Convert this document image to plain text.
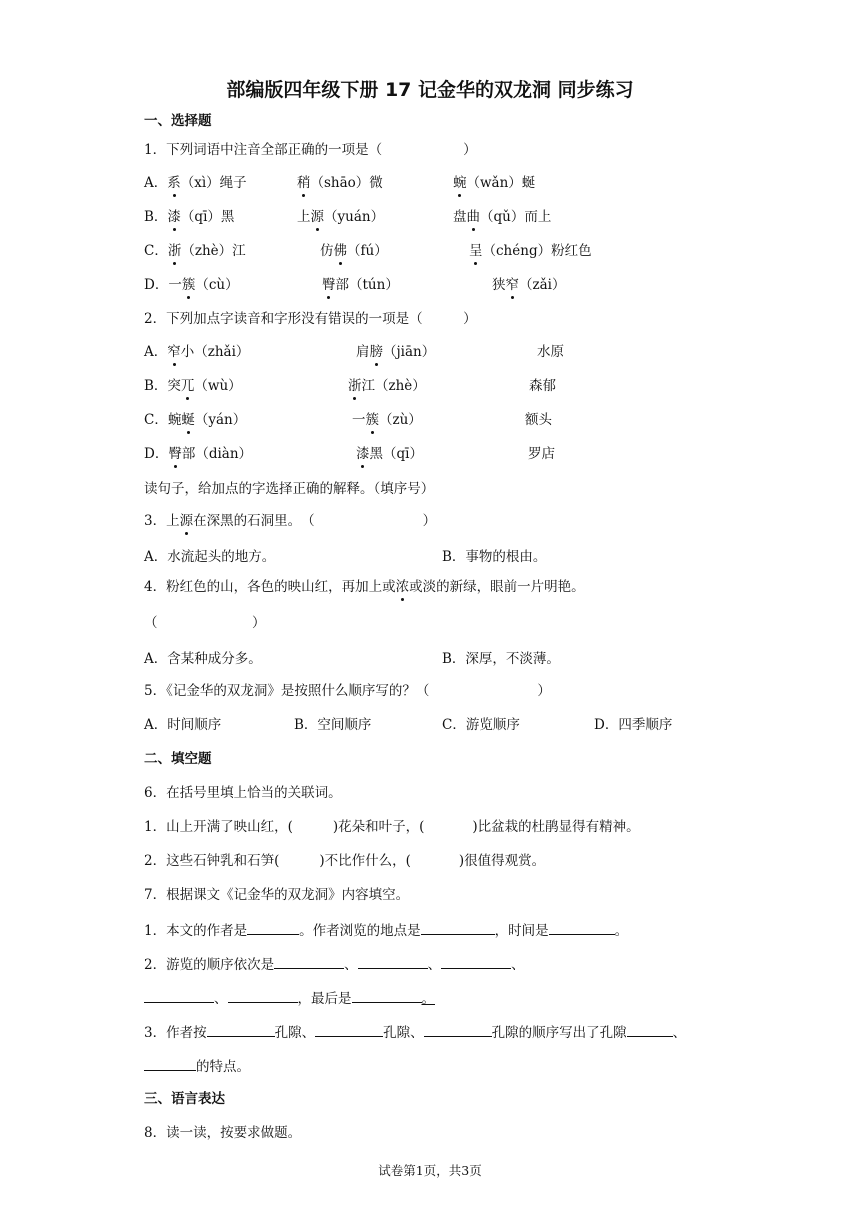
部编版四年级下册 17 记金华的双龙洞 同步练习
一、选择题
1．下列词语中注音全部正确的一项是（　　　　　　）
A．系（xì）绳子	稍（shāo）微	蜿（wǎn）蜒
B．漆（qī）黑	上源（yuán）	盘曲（qǔ）而上
C．浙（zhè）江	仿佛（fú）	呈（chéng）粉红色
D．一簇（cù）	臀部（tún）	狭窄（zǎi）
2．下列加点字读音和字形没有错误的一项是（　　　）
A．窄小（zhǎi）	肩膀（jiān）	水原
B．突兀（wù）	浙江（zhè）	森郁
C．蜿蜒（yán）	一簇（zù）	额头
D．臀部（diàn）	漆黑（qī）	罗店
读句子，给加点的字选择正确的解释。（填序号）
3．上源在深黑的石洞里。　（　　　　　　　　）
A．水流起头的地方。	B．事物的根由。
4．粉红色的山，各色的映山红，再加上或浓或淡的新绿，眼前一片明艳。
（　　　　　　　）
A．含某种成分多。	B．深厚，不淡薄。
5．《记金华的双龙洞》是按照什么顺序写的？（　　　　　　　　）
A．时间顺序	B．空间顺序	C．游览顺序	D．四季顺序
二、填空题
6．在括号里填上恰当的关联词。
1．山上开满了映山红，(	)花朵和叶子，(	)比盆栽的杜鹃显得有精神。
2．这些石钟乳和石笋(	)不比作什么，(	)很值得观赏。
7．根据课文《记金华的双龙洞》内容填空。
1．本文的作者是	。作者浏览的地点是	，时间是	。
2．游览的顺序依次是	、	、	、
、	，最后是	。
3．作者按	孔隙、	孔隙、	孔隙的顺序写出了孔隙	、
的特点。
三、语言表达
8．读一读，按要求做题。
试卷第1页，共3页
